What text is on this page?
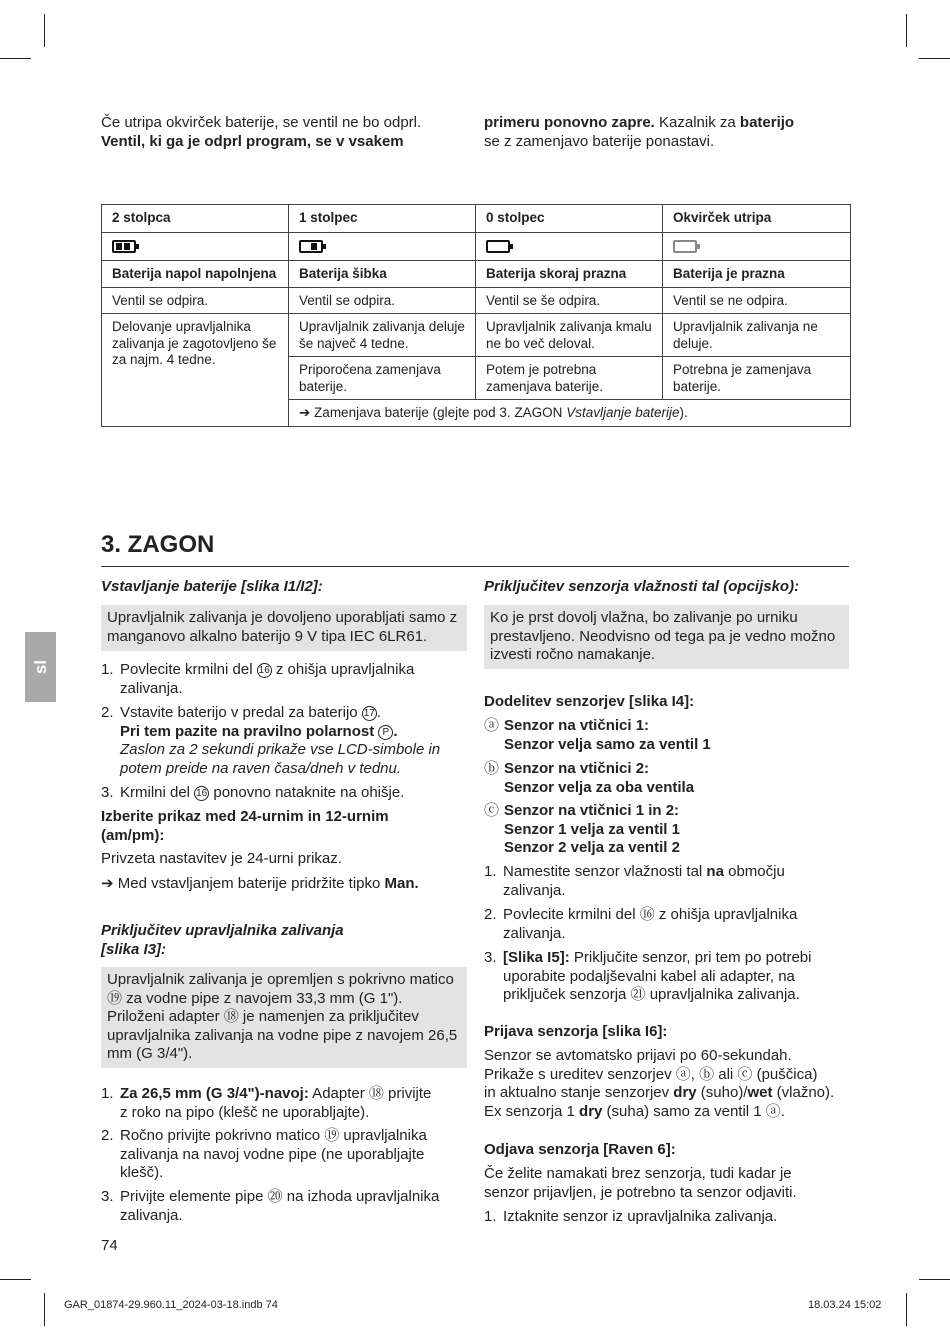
Če utripa okvirček baterije, se ventil ne bo odprl.
Ventil, ki ga je odprl program, se v vsakem
primeru ponovno zapre. Kazalnik za baterijo
se z zamenjavo baterije ponastavi.
2 stolpca	1 stolpec	0 stolpec	Okvirček utripa

Baterija napol napolnjena	Baterija šibka	Baterija skoraj prazna	Baterija je prazna
Ventil se odpira.	Ventil se odpira.	Ventil se še odpira.	Ventil se ne odpira.
Delovanje upravljalnika zalivanja je zagotovljeno še za najm. 4 tedne.	Upravljalnik zalivanja deluje še največ 4 tedne.	Upravljalnik zalivanja kmalu ne bo več deloval.	Upravljalnik zalivanja ne deluje.
	Priporočena zamenjava baterije.	Potem je potrebna zamenjava baterije.	Potrebna je zamenjava baterije.
	➔ Zamenjava baterije (glejte pod 3. ZAGON Vstavljanje baterije).		
3. ZAGON
sl
Vstavljanje baterije [slika I1/I2]:
Upravljalnik zalivanja je dovoljeno uporabljati samo z manganovo alkalno baterijo 9 V tipa IEC 6LR61.
1. Povlecite krmilni del 16 z ohišja upravljalnika
zalivanja.
2. Vstavite baterijo v predal za baterijo 17 .
Pri tem pazite na pravilno polarnost P .
Zaslon za 2 sekundi prikaže vse LCD-simbole in
potem preide na raven časa/dneh v tednu.
3. Krmilni del 16 ponovno nataknite na ohišje.
Izberite prikaz med 24-urnim in 12-urnim
(am/pm):
Privzeta nastavitev je 24-urni prikaz.
➔ Med vstavljanjem baterije pridržite tipko Man.
Priključitev upravljalnika zalivanja
[slika I3]:
Upravljalnik zalivanja je opremljen s pokrivno matico ⑲ za vodne pipe z navojem 33,3 mm (G 1"). Priloženi adapter ⑱ je namenjen za priključitev upravljalnika zalivanja na vodne pipe z navojem 26,5 mm (G 3/4").
1. Za 26,5 mm (G 3/4")-navoj: Adapter ⑱ privijte
z roko na pipo (klešč ne uporabljajte).
2. Ročno privijte pokrivno matico ⑲ upravljalnika
zalivanja na navoj vodne pipe (ne uporabljajte
klešč).
3. Privijte elemente pipe ⑳ na izhoda upravljalnika
zalivanja.
74
Priključitev senzorja vlažnosti tal (opcijsko):
Ko je prst dovolj vlažna, bo zalivanje po urniku prestavljeno. Neodvisno od tega pa je vedno možno izvesti ročno namakanje.
Dodelitev senzorjev [slika I4]:
ⓐ Senzor na vtičnici 1:
Senzor velja samo za ventil 1
ⓑ Senzor na vtičnici 2:
Senzor velja za oba ventila
ⓒ Senzor na vtičnici 1 in 2:
Senzor 1 velja za ventil 1
Senzor 2 velja za ventil 2
1. Namestite senzor vlažnosti tal na območju
zalivanja.
2. Povlecite krmilni del ⑯ z ohišja upravljalnika
zalivanja.
3. [Slika I5]: Priključite senzor, pri tem po potrebi
uporabite podaljševalni kabel ali adapter, na
priključek senzorja ㉑ upravljalnika zalivanja.
Prijava senzorja [slika I6]:
Senzor se avtomatsko prijavi po 60-sekundah.
Prikaže s ureditev senzorjev ⓐ, ⓑ ali ⓒ (puščica)
in aktualno stanje senzorjev dry (suho)/wet (vlažno).
Ex senzorja 1 dry (suha) samo za ventil 1 ⓐ.
Odjava senzorja [Raven 6]:
Če želite namakati brez senzorja, tudi kadar je
senzor prijavljen, je potrebno ta senzor odjaviti.
1. Iztaknite senzor iz upravljalnika zalivanja.
GAR_01874-29.960.11_2024-03-18.indb 74	18.03.24 15:02
